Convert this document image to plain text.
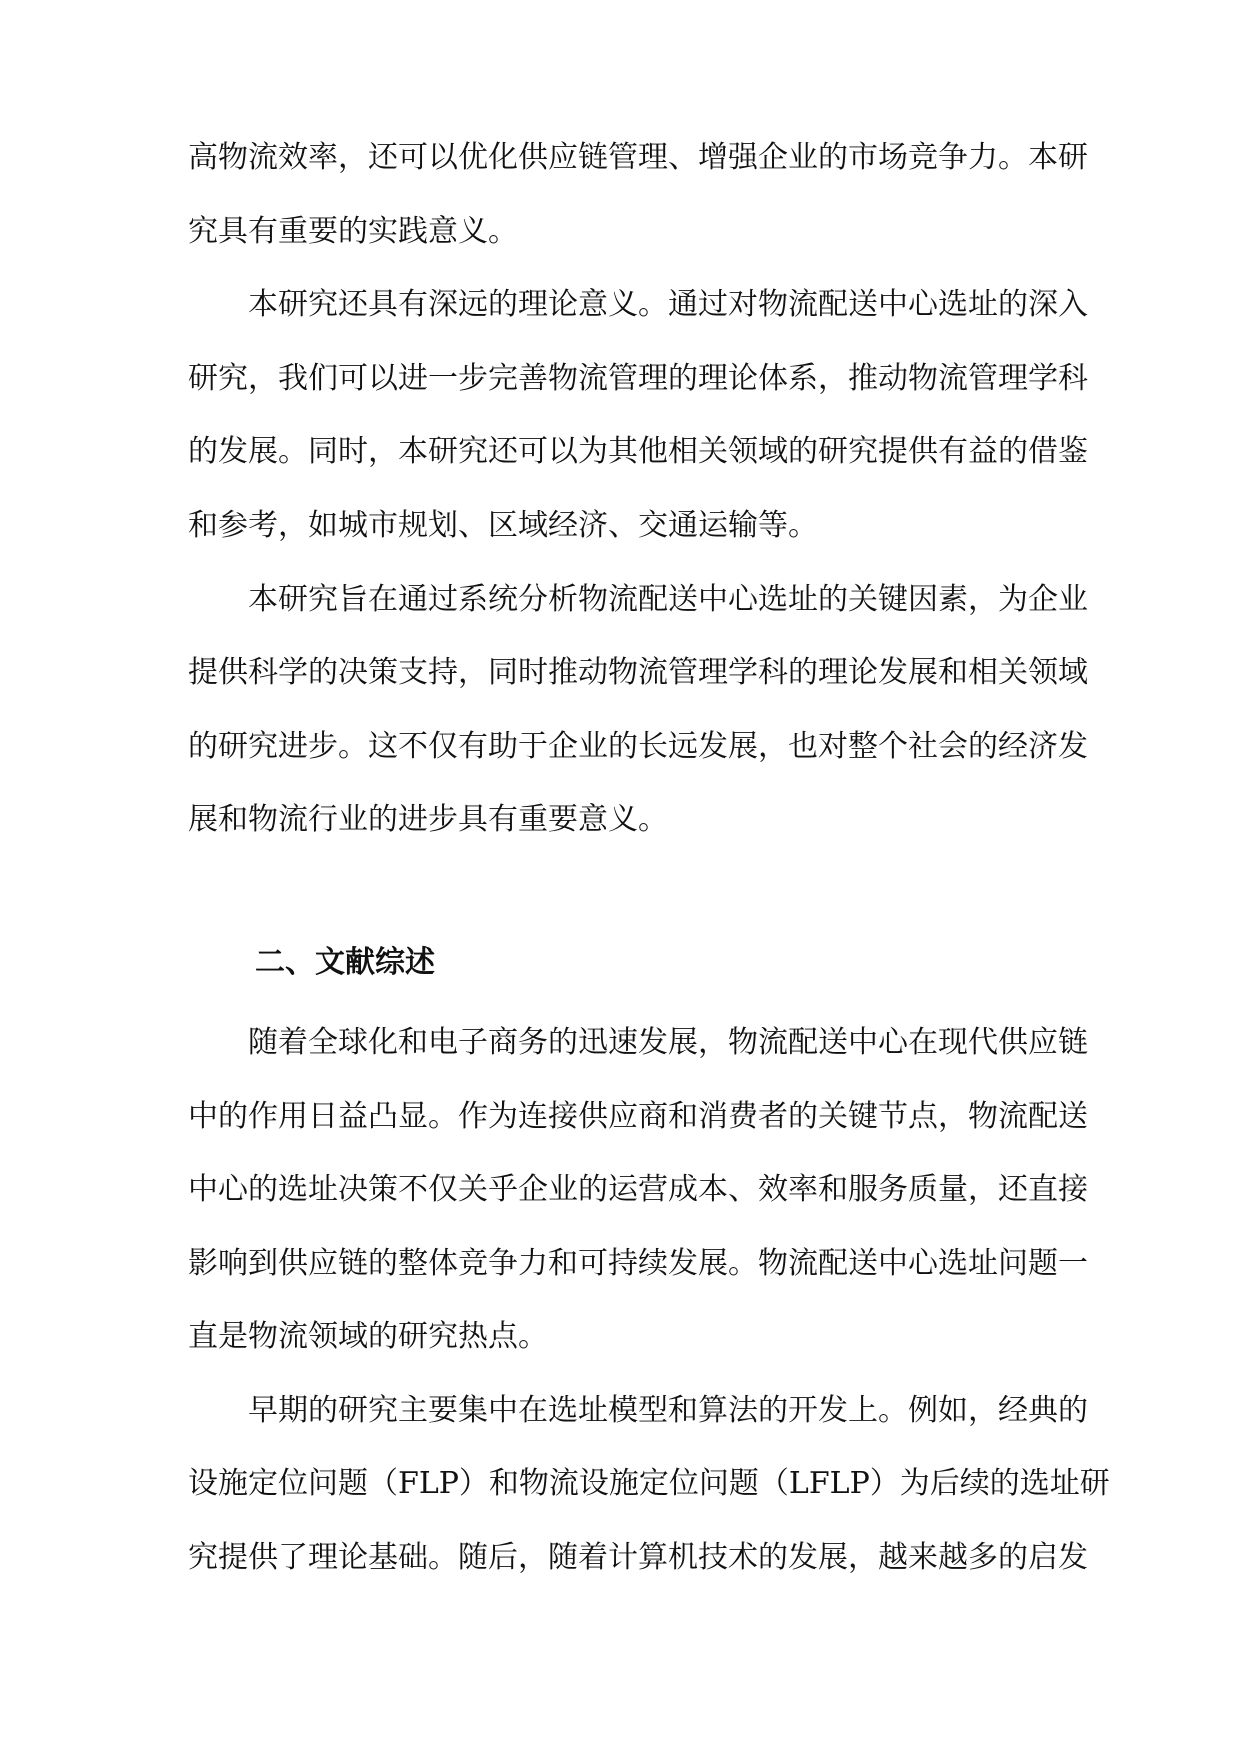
高物流效率，还可以优化供应链管理、增强企业的市场竞争力。本研

究具有重要的实践意义。

本研究还具有深远的理论意义。通过对物流配送中心选址的深入

研究，我们可以进一步完善物流管理的理论体系，推动物流管理学科

的发展。同时，本研究还可以为其他相关领域的研究提供有益的借鉴

和参考，如城市规划、区域经济、交通运输等。

本研究旨在通过系统分析物流配送中心选址的关键因素，为企业

提供科学的决策支持，同时推动物流管理学科的理论发展和相关领域

的研究进步。这不仅有助于企业的长远发展，也对整个社会的经济发

展和物流行业的进步具有重要意义。

二、文献综述

随着全球化和电子商务的迅速发展，物流配送中心在现代供应链

中的作用日益凸显。作为连接供应商和消费者的关键节点，物流配送

中心的选址决策不仅关乎企业的运营成本、效率和服务质量，还直接

影响到供应链的整体竞争力和可持续发展。物流配送中心选址问题一

直是物流领域的研究热点。

早期的研究主要集中在选址模型和算法的开发上。例如，经典的

设施定位问题（FLP）和物流设施定位问题（LFLP）为后续的选址研

究提供了理论基础。随后，随着计算机技术的发展，越来越多的启发
